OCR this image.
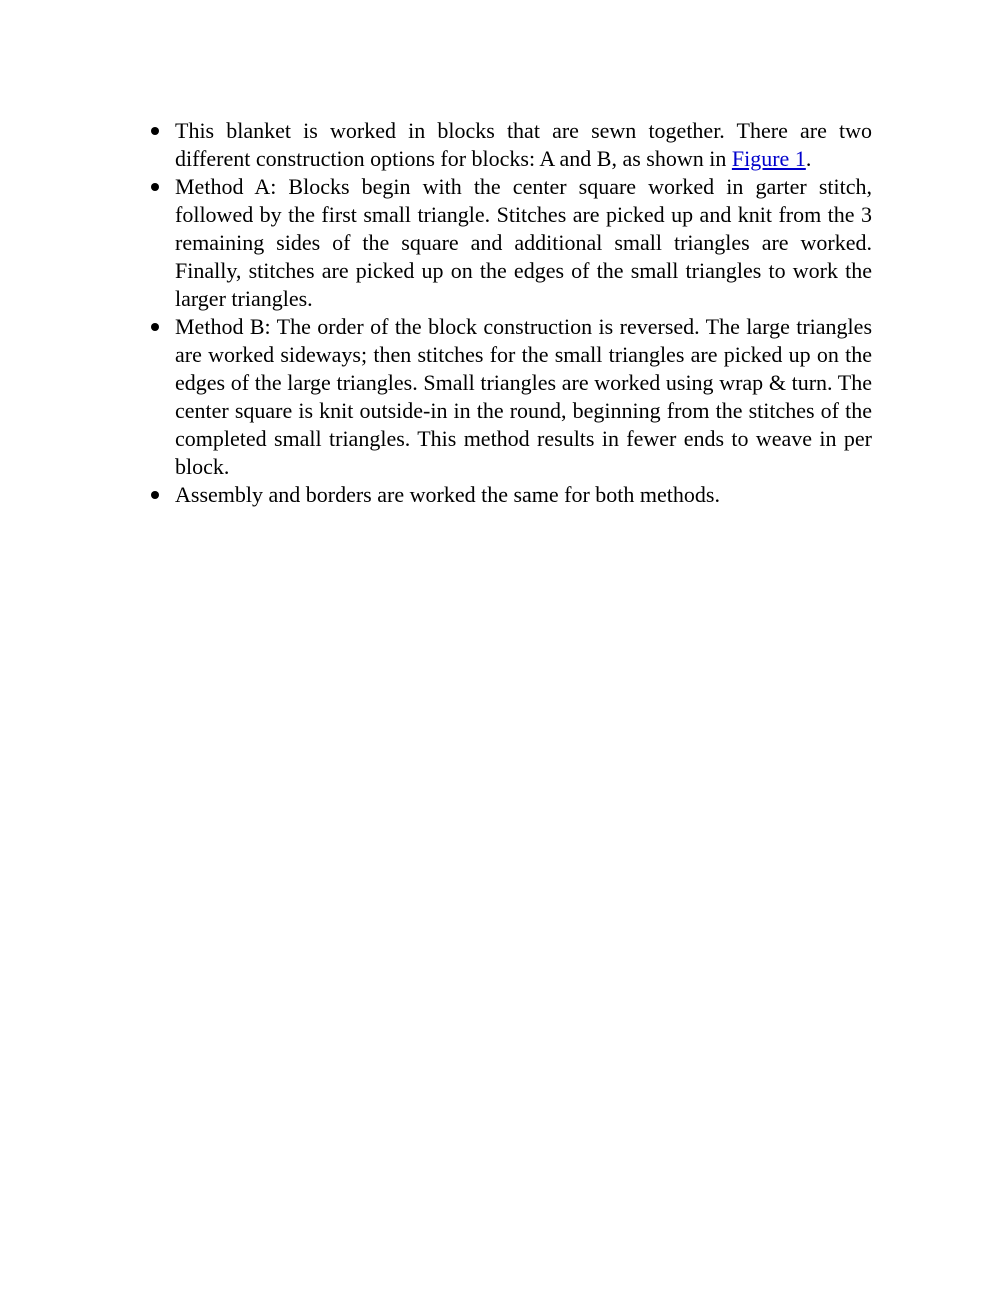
This blanket is worked in blocks that are sewn together. There are two different construction options for blocks: A and B, as shown in Figure 1.
Method A: Blocks begin with the center square worked in garter stitch, followed by the first small triangle. Stitches are picked up and knit from the 3 remaining sides of the square and additional small triangles are worked. Finally, stitches are picked up on the edges of the small triangles to work the larger triangles.
Method B: The order of the block construction is reversed. The large triangles are worked sideways; then stitches for the small triangles are picked up on the edges of the large triangles. Small triangles are worked using wrap & turn. The center square is knit outside-in in the round, beginning from the stitches of the completed small triangles. This method results in fewer ends to weave in per block.
Assembly and borders are worked the same for both methods.
